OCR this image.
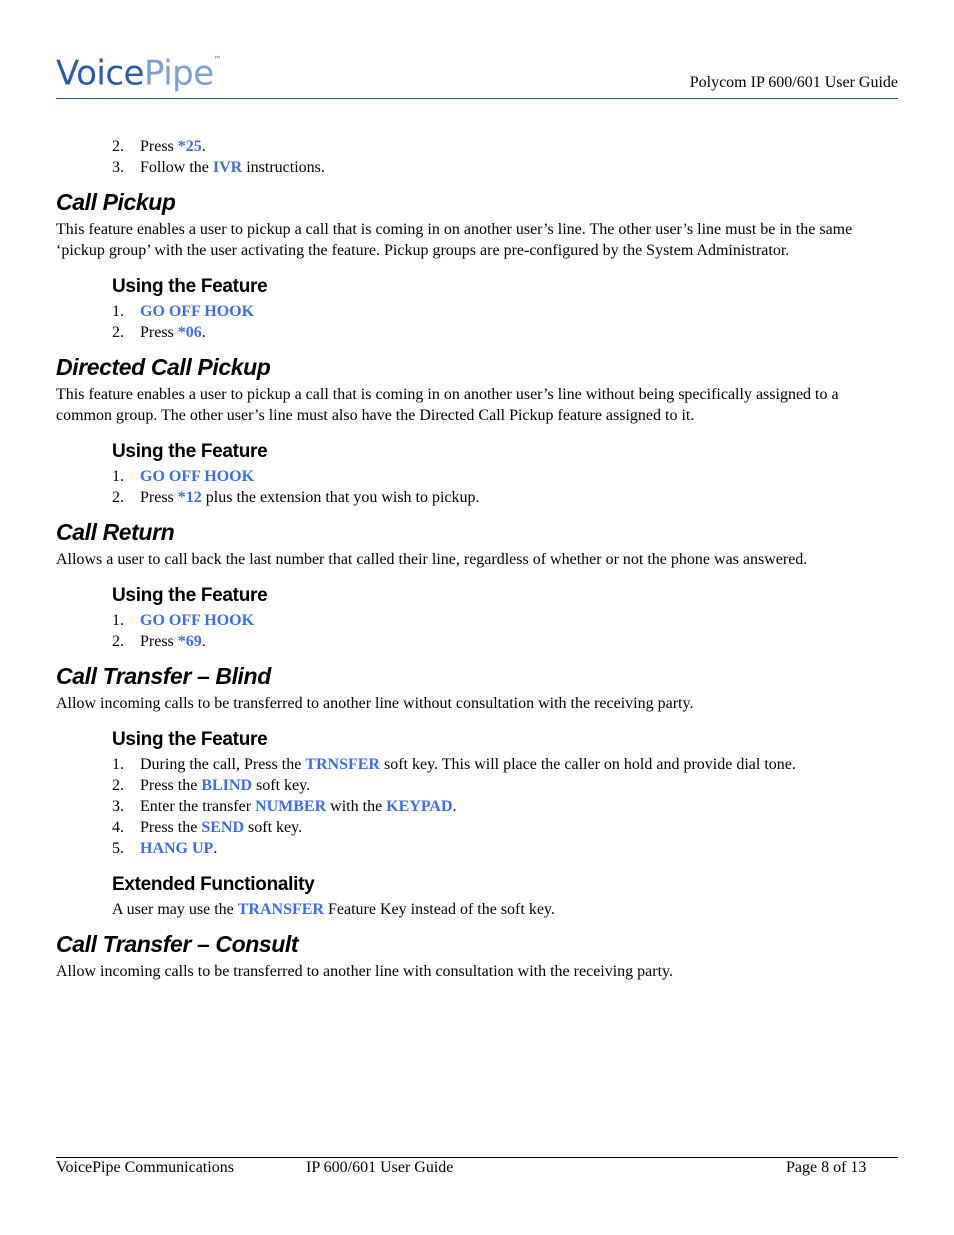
VoicePipe™
Polycom IP 600/601 User Guide
2. Press *25.
3. Follow the IVR instructions.
Call Pickup

This feature enables a user to pickup a call that is coming in on another user’s line. The other user’s line must be in the same ‘pickup group’ with the user activating the feature. Pickup groups are pre-configured by the System Administrator.

Using the Feature
1. GO OFF HOOK
2. Press *06.
Directed Call Pickup

This feature enables a user to pickup a call that is coming in on another user’s line without being specifically assigned to a common group. The other user’s line must also have the Directed Call Pickup feature assigned to it.

Using the Feature
1. GO OFF HOOK
2. Press *12 plus the extension that you wish to pickup.
Call Return

Allows a user to call back the last number that called their line, regardless of whether or not the phone was answered.

Using the Feature
1. GO OFF HOOK
2. Press *69.
Call Transfer – Blind

Allow incoming calls to be transferred to another line without consultation with the receiving party.

Using the Feature
1. During the call, Press the TRNSFER soft key. This will place the caller on hold and provide dial tone.
2. Press the BLIND soft key.
3. Enter the transfer NUMBER with the KEYPAD.
4. Press the SEND soft key.
5. HANG UP.
Extended Functionality

A user may use the TRANSFER Feature Key instead of the soft key.

Call Transfer – Consult

Allow incoming calls to be transferred to another line with consultation with the receiving party.

VoicePipe Communications	IP 600/601 User Guide	Page 8 of 13
